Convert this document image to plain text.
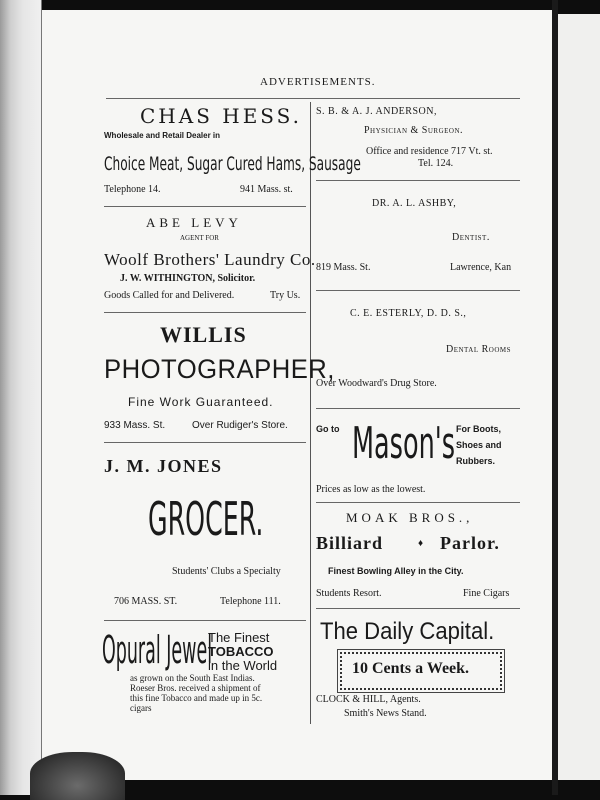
ADVERTISEMENTS.
CHAS HESS.
Wholesale and Retail Dealer in
Choice Meat, Sugar Cured Hams, Sausage
Telephone 14.	941 Mass. st.
ABE LEVY
AGENT FOR
Woolf Brothers' Laundry Co.
J. W. WITHINGTON, Solicitor.
Goods Called for and Delivered.	Try Us.
WILLIS
PHOTOGRAPHER,
Fine Work Guaranteed.
933 Mass. St.	Over Rudiger's Store.
J. M. JONES
GROCER.
Students' Clubs a Specialty
706 MASS. ST.	Telephone 111.
Opural Jewel
The Finest
TOBACCO
in the World
as grown on the South East Indias.
Roeser Bros. received a shipment of
this fine Tobacco and made up in 5c.
cigars
S. B. & A. J. ANDERSON,
Physician & Surgeon.
Office and residence 717 Vt. st.
Tel. 124.
DR. A. L. ASHBY,
Dentist.
819 Mass. St.	Lawrence, Kan
C. E. ESTERLY, D. D. S.,
Dental Rooms
Over Woodward's Drug Store.
Go to Mason's For Boots,
Shoes and
Rubbers.
Prices as low as the lowest.
MOAK BROS.,
Billiard	♦ Parlor.
Finest Bowling Alley in the City.
Students Resort.	Fine Cigars
The Daily Capital.
10 Cents a Week.
CLOCK & HILL, Agents.
Smith's News Stand.
